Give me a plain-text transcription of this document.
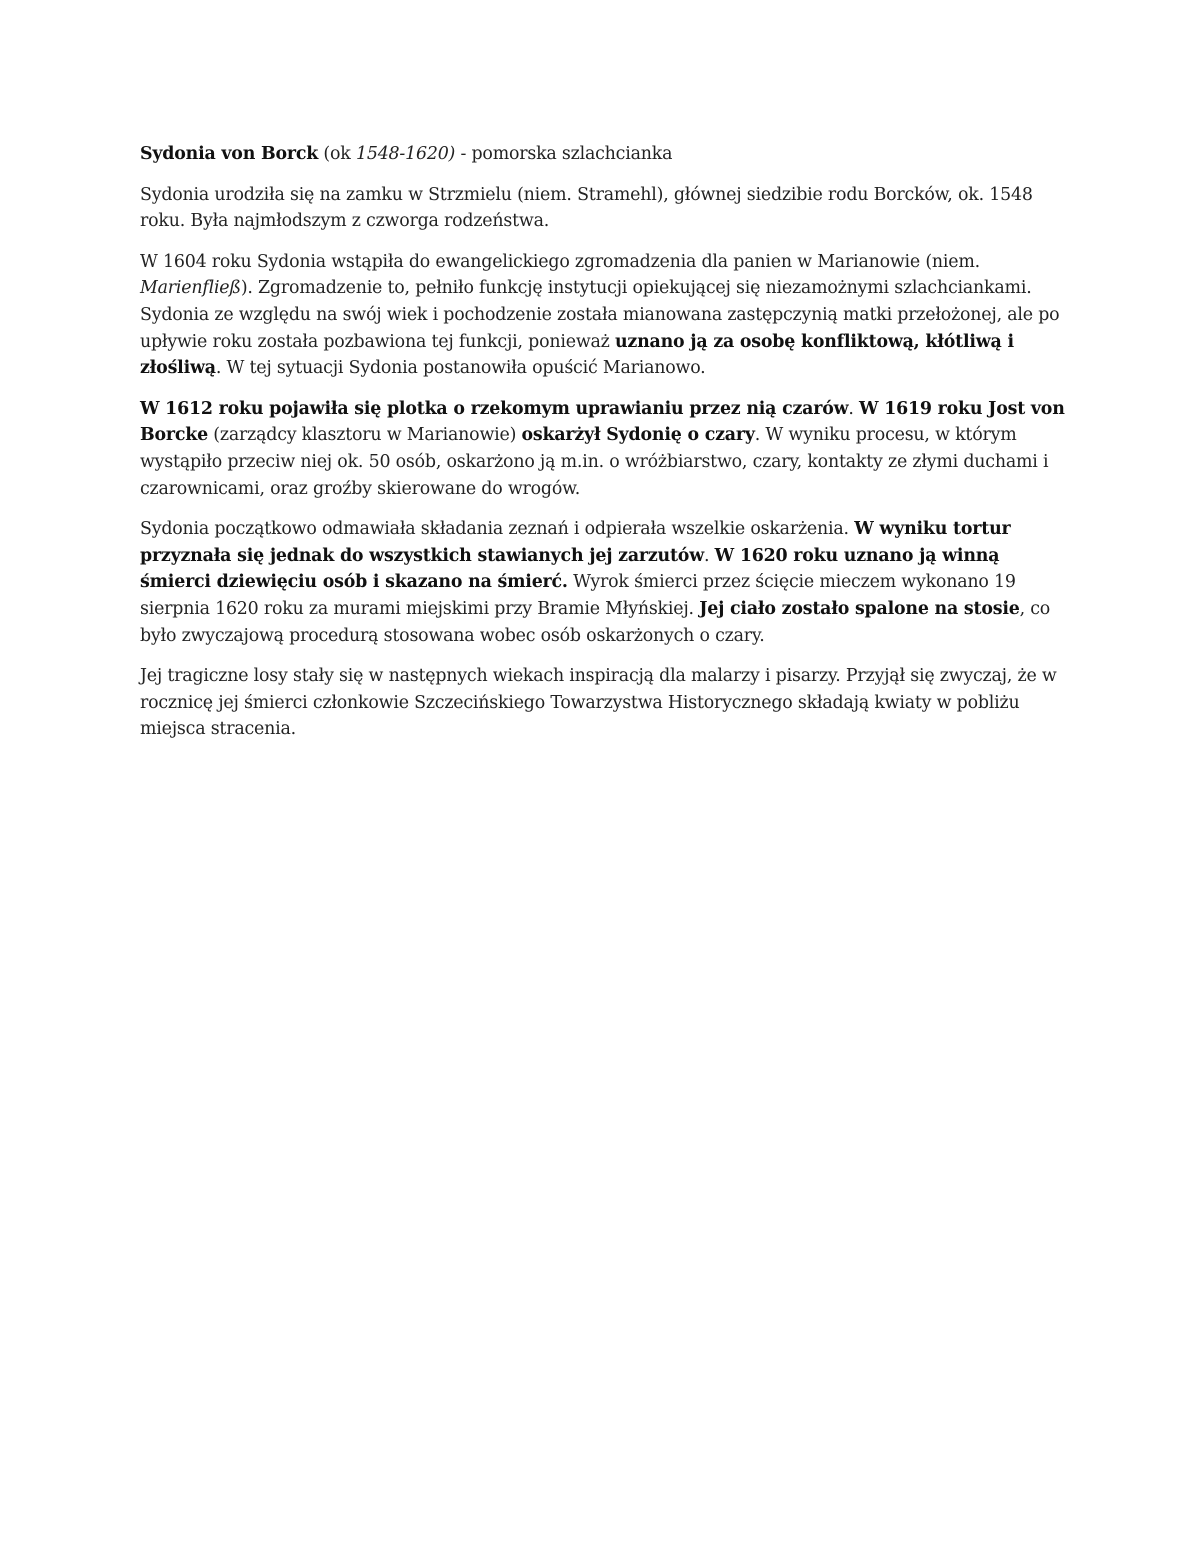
Sydonia von Borck (ok 1548-1620) - pomorska szlachcianka

Sydonia urodziła się na zamku w Strzmielu (niem. Stramehl), głównej siedzibie rodu Borcków, ok. 1548 roku. Była najmłodszym z czworga rodzeństwa.

W 1604 roku Sydonia wstąpiła do ewangelickiego zgromadzenia dla panien w Marianowie (niem. Marienfließ). Zgromadzenie to, pełniło funkcję instytucji opiekującej się niezamożnymi szlachciankami. Sydonia ze względu na swój wiek i pochodzenie została mianowana zastępczynią matki przełożonej, ale po upływie roku została pozbawiona tej funkcji, ponieważ uznano ją za osobę konfliktową, kłótliwą i złośliwą. W tej sytuacji Sydonia postanowiła opuścić Marianowo.

W 1612 roku pojawiła się plotka o rzekomym uprawianiu przez nią czarów. W 1619 roku Jost von Borcke (zarządcy klasztoru w Marianowie) oskarżył Sydonię o czary. W wyniku procesu, w którym wystąpiło przeciw niej ok. 50 osób, oskarżono ją m.in. o wróżbiarstwo, czary, kontakty ze złymi duchami i czarownicami, oraz groźby skierowane do wrogów.

Sydonia początkowo odmawiała składania zeznań i odpierała wszelkie oskarżenia. W wyniku tortur przyznała się jednak do wszystkich stawianych jej zarzutów. W 1620 roku uznano ją winną śmierci dziewięciu osób i skazano na śmierć. Wyrok śmierci przez ścięcie mieczem wykonano 19 sierpnia 1620 roku za murami miejskimi przy Bramie Młyńskiej. Jej ciało zostało spalone na stosie, co było zwyczajową procedurą stosowana wobec osób oskarżonych o czary.

Jej tragiczne losy stały się w następnych wiekach inspiracją dla malarzy i pisarzy. Przyjął się zwyczaj, że w rocznicę jej śmierci członkowie Szczecińskiego Towarzystwa Historycznego składają kwiaty w pobliżu miejsca stracenia.
